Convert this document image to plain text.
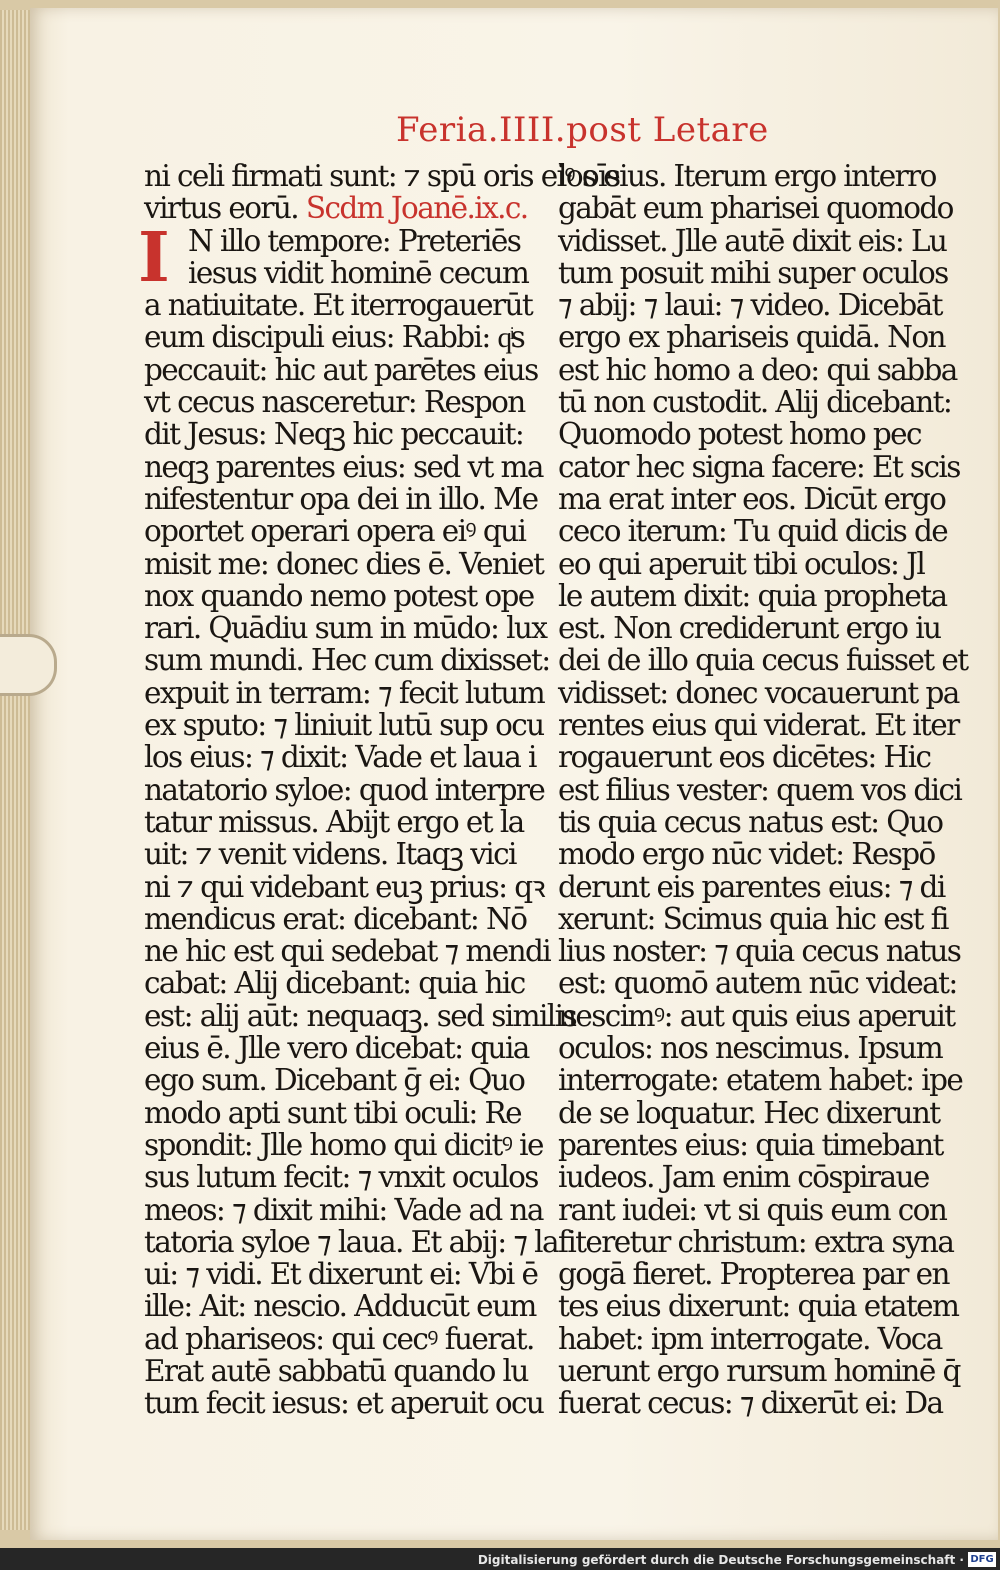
Feria.IIII.post Letare
I
ni celi firmati sunt: ⁊ spū oris eiꝰ oīs
virtus eorū. Scdm Joanē.ix.c.
N illo tempore: Preteriēs
iesus vidit hominē cecum
a natiuitate. Et iterrogauerūt
eum discipuli eius: Rabbi: qͥs
peccauit: hic aut parētes eius
vt cecus nasceretur: Respon
dit Jesus: Neqꝫ hic peccauit:
neqꝫ parentes eius: sed vt ma
nifestentur opa dei in illo. Me
oportet operari opera eiꝰ qui
misit me: donec dies ē. Veniet
nox quando nemo potest ope
rari. Quādiu sum in mūdo: lux
sum mundi. Hec cum dixisset:
expuit in terram: ⁊ fecit lutum
ex sputo: ⁊ liniuit lutū sup ocu
los eius: ⁊ dixit: Vade et laua i
natatorio syloe: quod interpre
tatur missus. Abijt ergo et la
uit: ⁊ venit videns. Itaqꝫ vici
ni ⁊ qui videbant euꝫ prius: qꝛ
mendicus erat: dicebant: Nō
ne hic est qui sedebat ⁊ mendi
cabat: Alij dicebant: quia hic
est: alij aūt: nequaqꝫ. sed similis
eius ē. Jlle vero dicebat: quia
ego sum. Dicebant ḡ ei: Quo
modo apti sunt tibi oculi: Re
spondit: Jlle homo qui dicitꝰ ie
sus lutum fecit: ⁊ vnxit oculos
meos: ⁊ dixit mihi: Vade ad na
tatoria syloe ⁊ laua. Et abij: ⁊ la
ui: ⁊ vidi. Et dixerunt ei: Vbi ē
ille: Ait: nescio. Adducūt eum
ad phariseos: qui cecꝰ fuerat.
Erat autē sabbatū quando lu
tum fecit iesus: et aperuit ocu
los eius. Iterum ergo interro
gabāt eum pharisei quomodo
vidisset. Jlle autē dixit eis: Lu
tum posuit mihi super oculos
⁊ abij: ⁊ laui: ⁊ video. Dicebāt
ergo ex phariseis quidā. Non
est hic homo a deo: qui sabba
tū non custodit. Alij dicebant:
Quomodo potest homo pec
cator hec signa facere: Et scis
ma erat inter eos. Dicūt ergo
ceco iterum: Tu quid dicis de
eo qui aperuit tibi oculos: Jl
le autem dixit: quia propheta
est. Non crediderunt ergo iu
dei de illo quia cecus fuisset et
vidisset: donec vocauerunt pa
rentes eius qui viderat. Et iter
rogauerunt eos dicētes: Hic
est filius vester: quem vos dici
tis quia cecus natus est: Quo
modo ergo nūc videt: Respō
derunt eis parentes eius: ⁊ di
xerunt: Scimus quia hic est fi
lius noster: ⁊ quia cecus natus
est: quomō autem nūc videat:
nescimꝰ: aut quis eius aperuit
oculos: nos nescimus. Ipsum
interrogate: etatem habet: ipe
de se loquatur. Hec dixerunt
parentes eius: quia timebant
iudeos. Jam enim cōspiraue
rant iudei: vt si quis eum con
fiteretur christum: extra syna
gogā fieret. Propterea par en
tes eius dixerunt: quia etatem
habet: ipm interrogate. Voca
uerunt ergo rursum hominē q̄
fuerat cecus: ⁊ dixerūt ei: Da
Digitalisierung gefördert durch die Deutsche Forschungsgemeinschaft · DFG
